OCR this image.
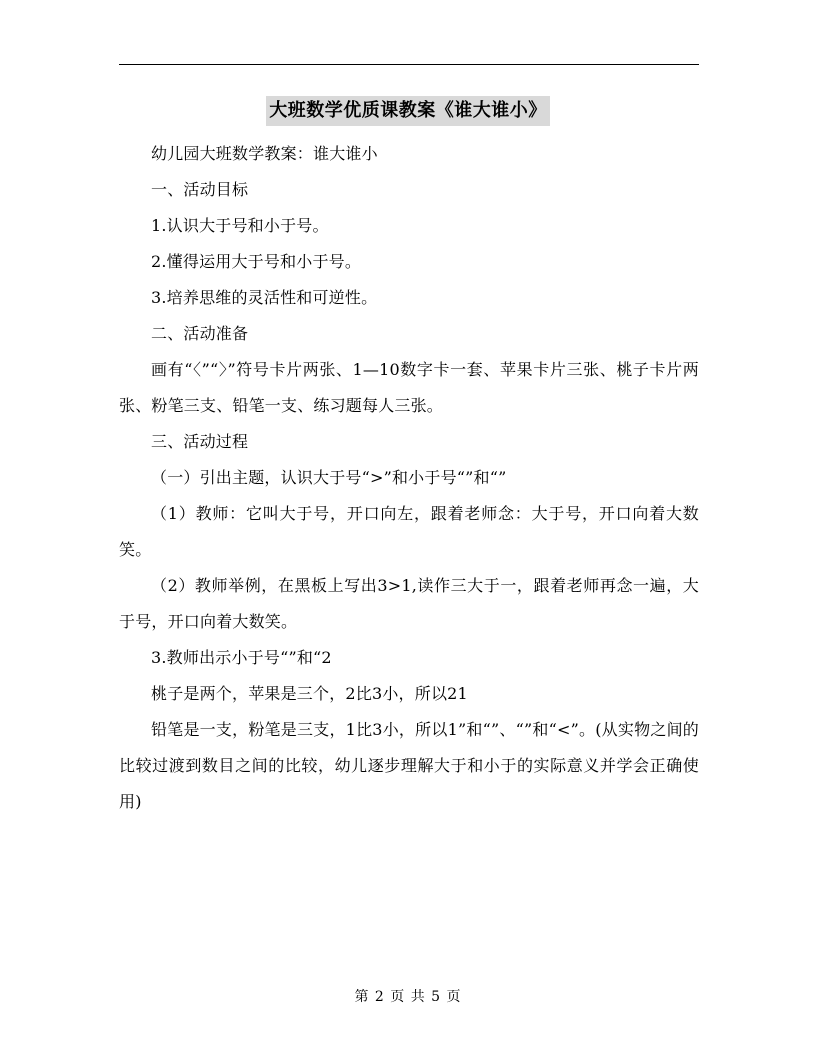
大班数学优质课教案《谁大谁小》

幼儿园大班数学教案：谁大谁小

一、活动目标

1.认识大于号和小于号。

2.懂得运用大于号和小于号。

3.培养思维的灵活性和可逆性。

二、活动准备

画有“〈”“〉”符号卡片两张、1—10数字卡一套、苹果卡片三张、桃子卡片两张、粉笔三支、铅笔一支、练习题每人三张。

三、活动过程

（一）引出主题，认识大于号“>”和小于号“”和“”

（1）教师：它叫大于号，开口向左，跟着老师念：大于号，开口向着大数笑。

（2）教师举例，在黑板上写出3>1,读作三大于一，跟着老师再念一遍，大于号，开口向着大数笑。

3.教师出示小于号“”和“2

桃子是两个，苹果是三个，2比3小，所以21

铅笔是一支，粉笔是三支，1比3小，所以1”和“”、“”和“<”。(从实物之间的比较过渡到数目之间的比较，幼儿逐步理解大于和小于的实际意义并学会正确使用)

第 2 页 共 5 页
